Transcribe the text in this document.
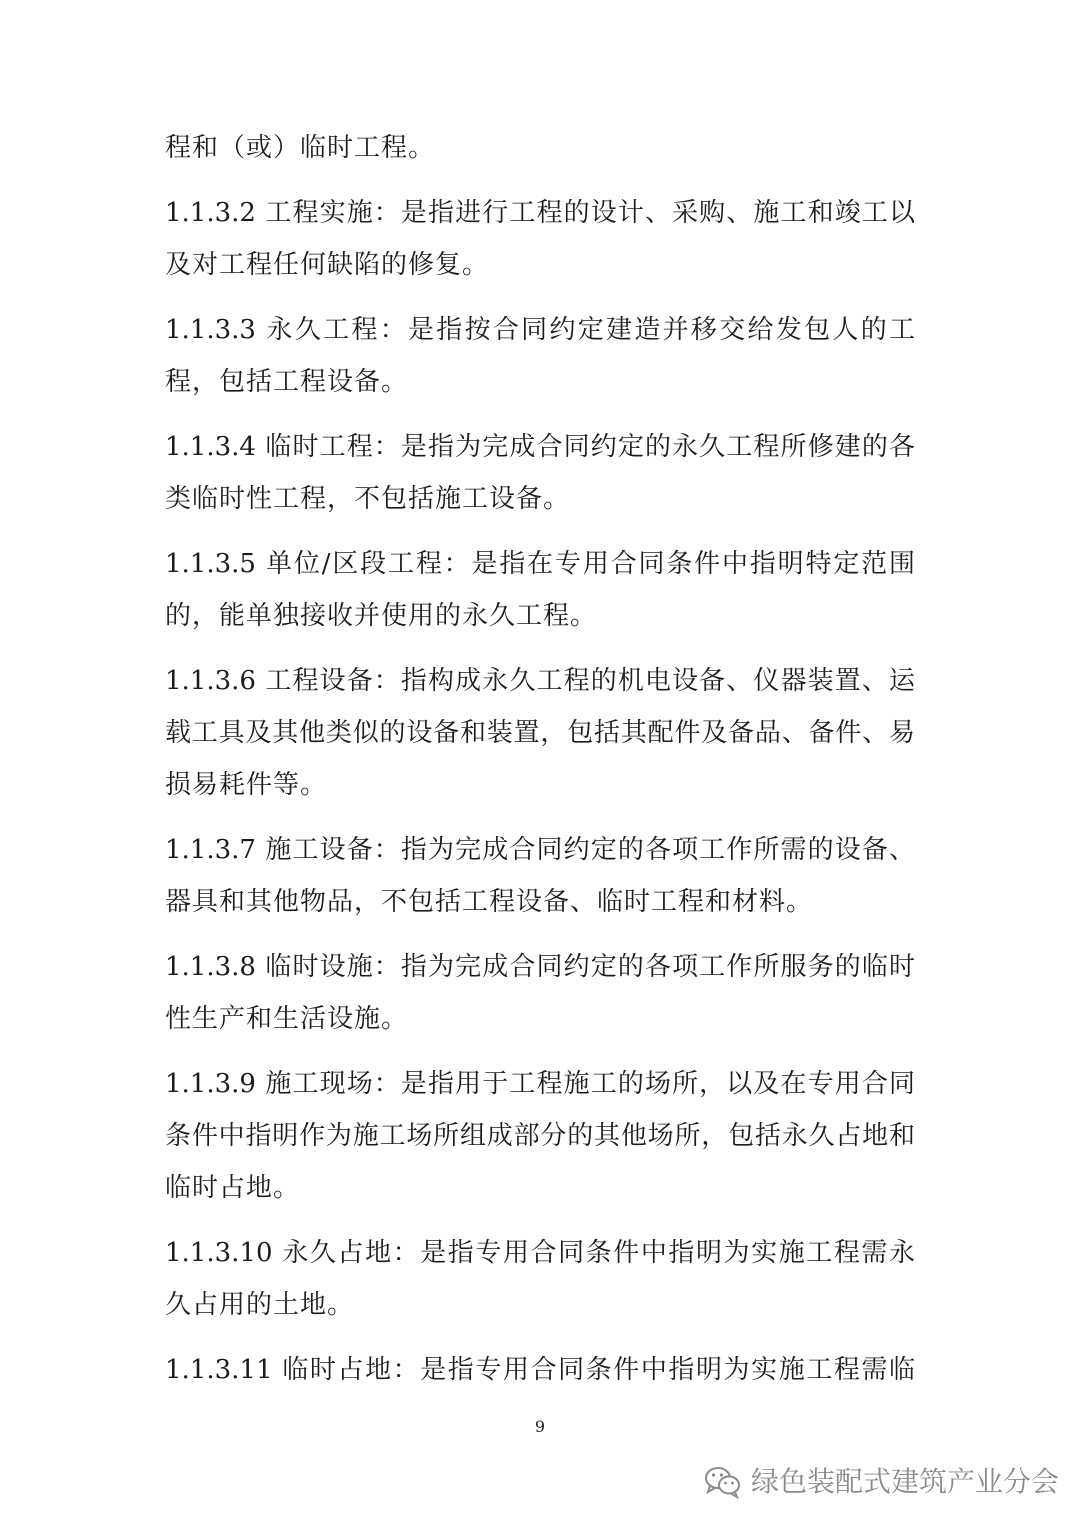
程和（或）临时工程。
1.1.3.2 工程实施：是指进行工程的设计、采购、施工和竣工以
及对工程任何缺陷的修复。
1.1.3.3 永久工程：是指按合同约定建造并移交给发包人的工
程，包括工程设备。
1.1.3.4 临时工程：是指为完成合同约定的永久工程所修建的各
类临时性工程，不包括施工设备。
1.1.3.5 单位/区段工程：是指在专用合同条件中指明特定范围
的，能单独接收并使用的永久工程。
1.1.3.6 工程设备：指构成永久工程的机电设备、仪器装置、运
载工具及其他类似的设备和装置，包括其配件及备品、备件、易
损易耗件等。
1.1.3.7 施工设备：指为完成合同约定的各项工作所需的设备、
器具和其他物品，不包括工程设备、临时工程和材料。
1.1.3.8 临时设施：指为完成合同约定的各项工作所服务的临时
性生产和生活设施。
1.1.3.9 施工现场：是指用于工程施工的场所，以及在专用合同
条件中指明作为施工场所组成部分的其他场所，包括永久占地和
临时占地。
1.1.3.10 永久占地：是指专用合同条件中指明为实施工程需永
久占用的土地。
1.1.3.11 临时占地：是指专用合同条件中指明为实施工程需临
9
绿色装配式建筑产业分会
